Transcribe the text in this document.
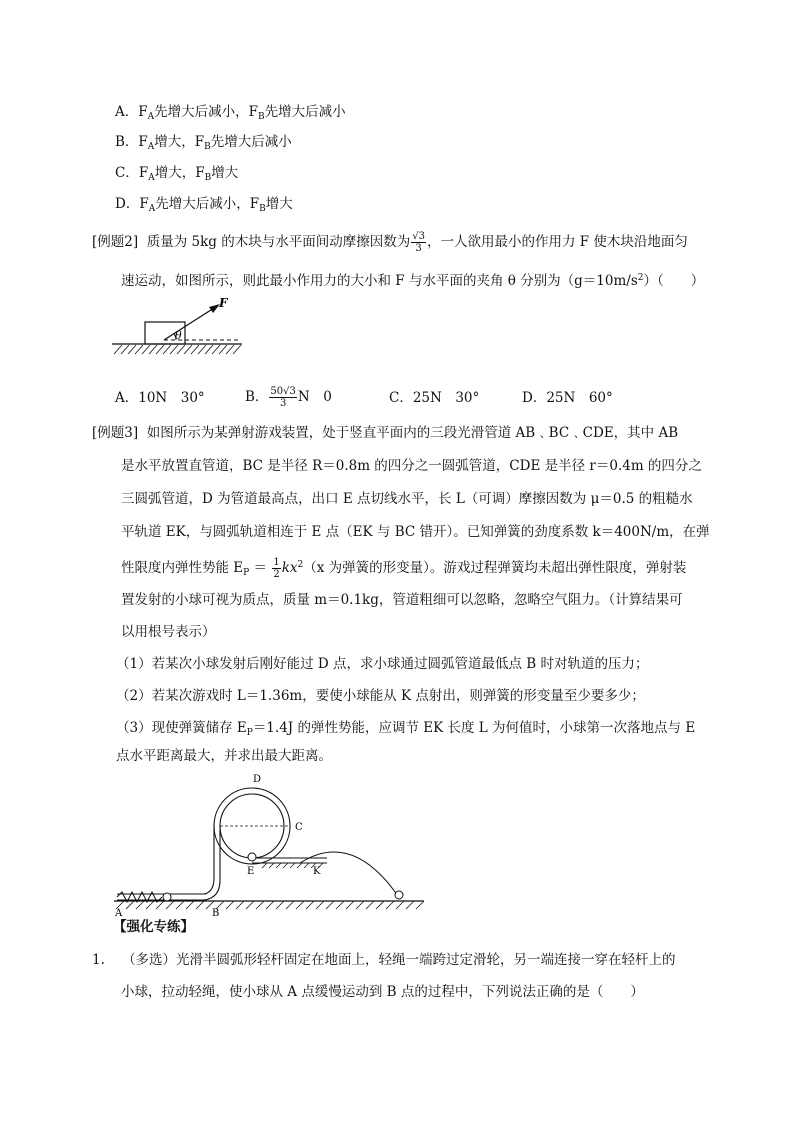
A．$F_A$先增大后减小，$F_B$先增大后减小
B．$F_A$增大，$F_B$先增大后减小
C．$F_A$增大，$F_B$增大
D．$F_A$先增大后减小，$F_B$增大
[例题2] 质量为 5kg 的木块与水平面间动摩擦因数为 $\frac{√3}{3}$ ，一人欲用最小的作用力 F 使木块沿地面匀
速运动，如图所示，则此最小作用力的大小和 F 与水平面的夹角 θ 分别为$(g=10m/s^2)$（　　）
θ
F
A．10N　30°	B． $\frac{50√3}{3}$ N　0	C．25N　30°	D．25N　60°
[例题3] 如图所示为某弹射游戏装置，处于竖直平面内的三段光滑管道 AB﹑BC﹑CDE，其中 AB
是水平放置直管道，BC 是半径 R＝0.8m 的四分之一圆弧管道，CDE 是半径 r＝0.4m 的四分之
三圆弧管道，D 为管道最高点，出口 E 点切线水平，长 L（可调）摩擦因数为 μ＝0.5 的粗糙水
平轨道 EK，与圆弧轨道相连于 E 点（EK 与 BC 错开）。已知弹簧的劲度系数 k＝400N/m，在弹
性限度内弹性势能 $E_P = \frac{1}{2} kx^2(x$ 为弹簧的形变量）。游戏过程弹簧均未超出弹性限度，弹射装
置发射的小球可视为质点，质量 m＝0.1kg，管道粗细可以忽略，忽略空气阻力。（计算结果可
以用根号表示）
（1）若某次小球发射后刚好能过 D 点，求小球通过圆弧管道最低点 B 时对轨道的压力；
（2）若某次游戏时 L＝1.36m，要使小球能从 K 点射出，则弹簧的形变量至少要多少；
（3）现使弹簧储存 $E_P=1.4J$ 的弹性势能，应调节 EK 长度 L 为何值时，小球第一次落地点与 E
点水平距离最大，并求出最大距离。
D
C
E	K
A	B
【强化专练】
1. （多选）光滑半圆弧形轻杆固定在地面上，轻绳一端跨过定滑轮，另一端连接一穿在轻杆上的
小球，拉动轻绳，使小球从 A 点缓慢运动到 B 点的过程中，下列说法正确的是（　　）
